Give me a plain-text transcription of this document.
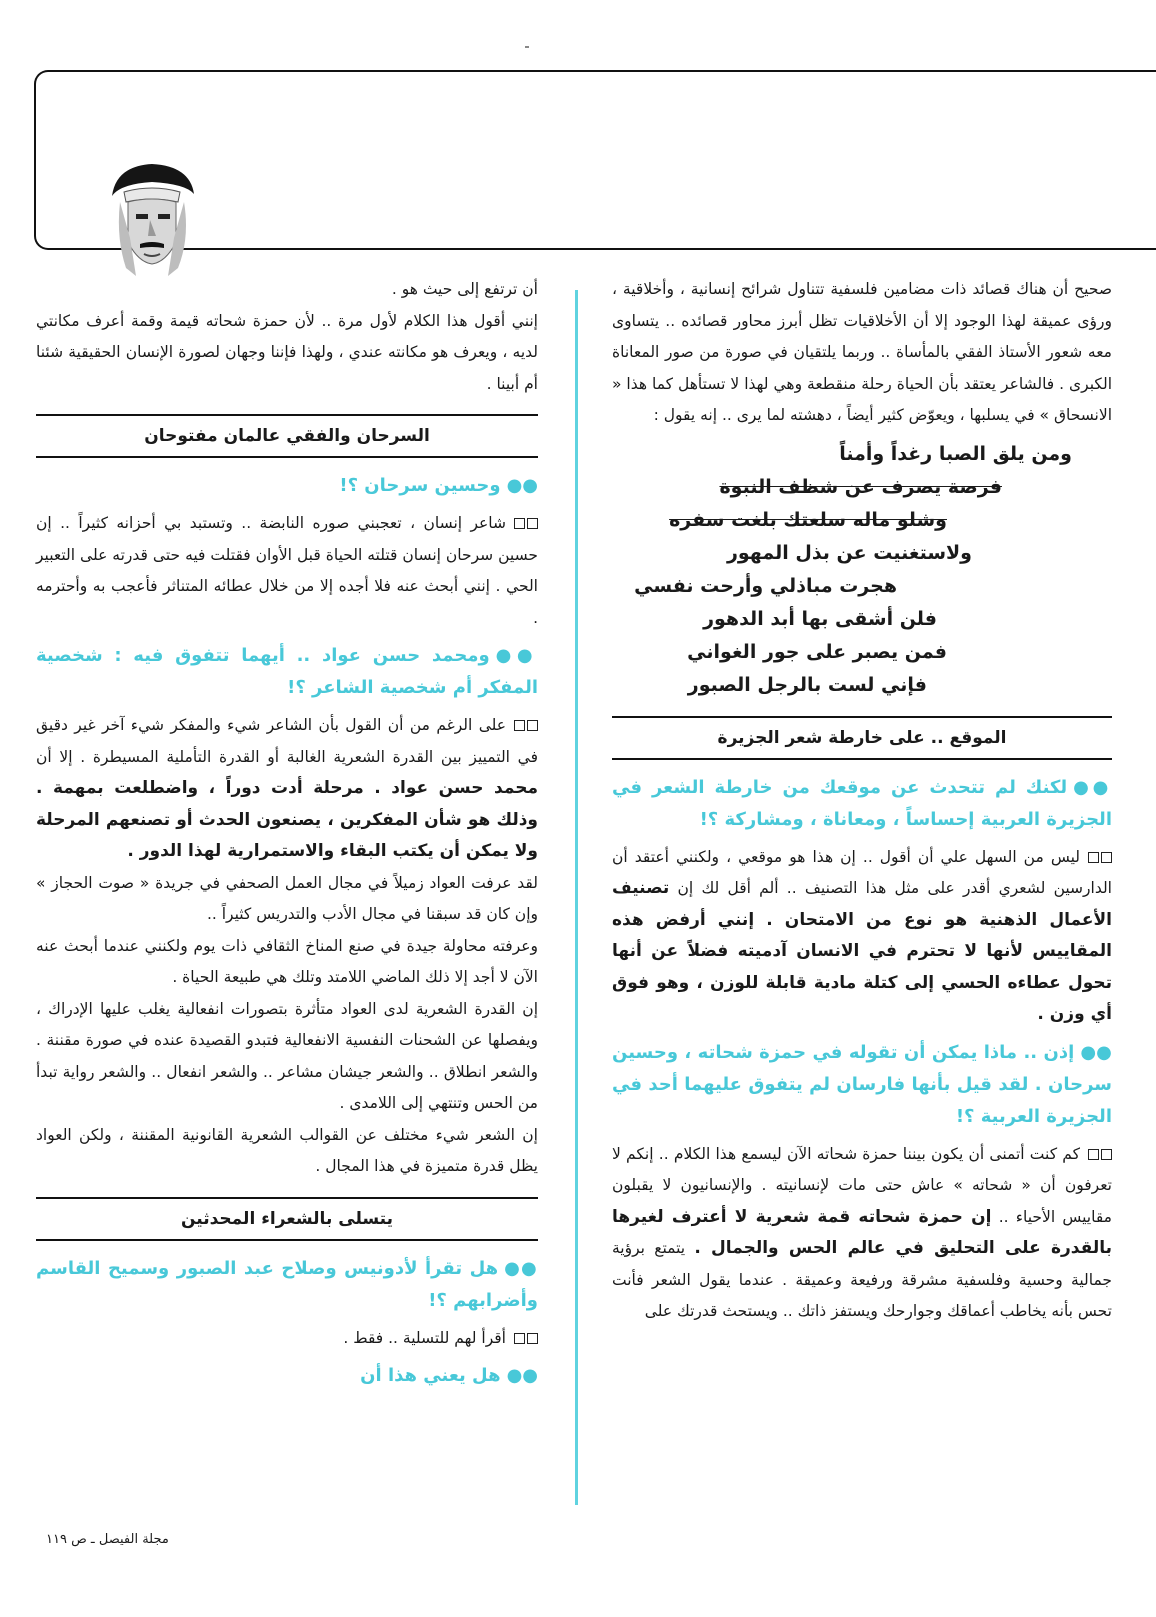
صحيح أن هناك قصائد ذات مضامين فلسفية تتناول شرائح إنسانية ، وأخلاقية ، ورؤى عميقة لهذا الوجود إلا أن الأخلاقيات تظل أبرز محاور قصائده .. يتساوى معه شعور الأستاذ الفقي بالمأساة .. وربما يلتقيان في صورة من صور المعاناة الكبرى . فالشاعر يعتقد بأن الحياة رحلة منقطعة وهي لهذا لا تستأهل كما هذا « الانسحاق » في يسلبها ، ويعوّض كثير أيضاً ، دهشته لما يرى .. إنه يقول :

ومن يلق الصبا رغداً وأمناً
فرصة يصرف عن شظف النبوة
وشلو ماله سلعتك بلغت سفره
ولاستغنيت عن بذل المهور
هجرت مباذلي وأرحت نفسي
فلن أشقى بها أبد الدهور
فمن يصبر على جور الغواني
فإني لست بالرجل الصبور
الموقع .. على خارطة شعر الجزيرة

●●لكنك لم تتحدث عن موقعك من خارطة الشعر في الجزيرة العربية إحساساً ، ومعاناة ، ومشاركة ؟!

ليس من السهل علي أن أقول .. إن هذا هو موقعي ، ولكنني أعتقد أن الدارسين لشعري أقدر على مثل هذا التصنيف .. ألم أقل لك إن تصنيف الأعمال الذهنية هو نوع من الامتحان . إنني أرفض هذه المقاييس لأنها لا تحترم في الانسان آدميته فضلاً عن أنها تحول عطاءه الحسي إلى كتلة مادية قابلة للوزن ، وهو فوق أي وزن .

●●إذن .. ماذا يمكن أن تقوله في حمزة شحاته ، وحسين سرحان . لقد قيل بأنها فارسان لم يتفوق عليهما أحد في الجزيرة العربية ؟!

كم كنت أتمنى أن يكون بيننا حمزة شحاته الآن ليسمع هذا الكلام .. إنكم لا تعرفون أن « شحاته » عاش حتى مات لإنسانيته . والإنسانيون لا يقبلون مقاييس الأحياء .. إن حمزة شحاته قمة شعرية لا أعترف لغيرها بالقدرة على التحليق في عالم الحس والجمال . يتمتع برؤية جمالية وحسية وفلسفية مشرقة ورفيعة وعميقة . عندما يقول الشعر فأنت تحس بأنه يخاطب أعماقك وجوارحك ويستفز ذاتك .. ويستحث قدرتك على

أن ترتفع إلى حيث هو .

إنني أقول هذا الكلام لأول مرة .. لأن حمزة شحاته قيمة وقمة أعرف مكانتي لديه ، ويعرف هو مكانته عندي ، ولهذا فإننا وجهان لصورة الإنسان الحقيقية شئنا أم أبينا .

السرحان والفقي عالمان مفتوحان

●●وحسين سرحان ؟!

شاعر إنسان ، تعجبني صوره النابضة .. وتستبد بي أحزانه كثيراً .. إن حسين سرحان إنسان قتلته الحياة قبل الأوان فقتلت فيه حتى قدرته على التعبير الحي . إنني أبحث عنه فلا أجده إلا من خلال عطائه المتناثر فأعجب به وأحترمه .

●●ومحمد حسن عواد .. أيهما تتفوق فيه : شخصية المفكر أم شخصية الشاعر ؟!

على الرغم من أن القول بأن الشاعر شيء والمفكر شيء آخر غير دقيق في التمييز بين القدرة الشعرية الغالبة أو القدرة التأملية المسيطرة . إلا أن محمد حسن عواد . مرحلة أدت دوراً ، واضطلعت بمهمة . وذلك هو شأن المفكرين ، يصنعون الحدث أو تصنعهم المرحلة ولا يمكن أن يكتب البقاء والاستمرارية لهذا الدور .

لقد عرفت العواد زميلاً في مجال العمل الصحفي في جريدة « صوت الحجاز » وإن كان قد سبقنا في مجال الأدب والتدريس كثيراً ..

وعرفته محاولة جيدة في صنع المناخ الثقافي ذات يوم ولكنني عندما أبحث عنه الآن لا أجد إلا ذلك الماضي اللامتد وتلك هي طبيعة الحياة .

إن القدرة الشعرية لدى العواد متأثرة بتصورات انفعالية يغلب عليها الإدراك ، ويفصلها عن الشحنات النفسية الانفعالية فتبدو القصيدة عنده في صورة مقننة . والشعر انطلاق .. والشعر جيشان مشاعر .. والشعر انفعال .. والشعر رواية تبدأ من الحس وتنتهي إلى اللامدى .

إن الشعر شيء مختلف عن القوالب الشعرية القانونية المقننة ، ولكن العواد يظل قدرة متميزة في هذا المجال .

يتسلى بالشعراء المحدثين

●●هل تقرأ لأدونيس وصلاح عبد الصبور وسميح القاسم وأضرابهم ؟!

أقرأ لهم للتسلية .. فقط .

●●هل يعني هذا أن

مجلة الفيصل ـ ص ١١٩
